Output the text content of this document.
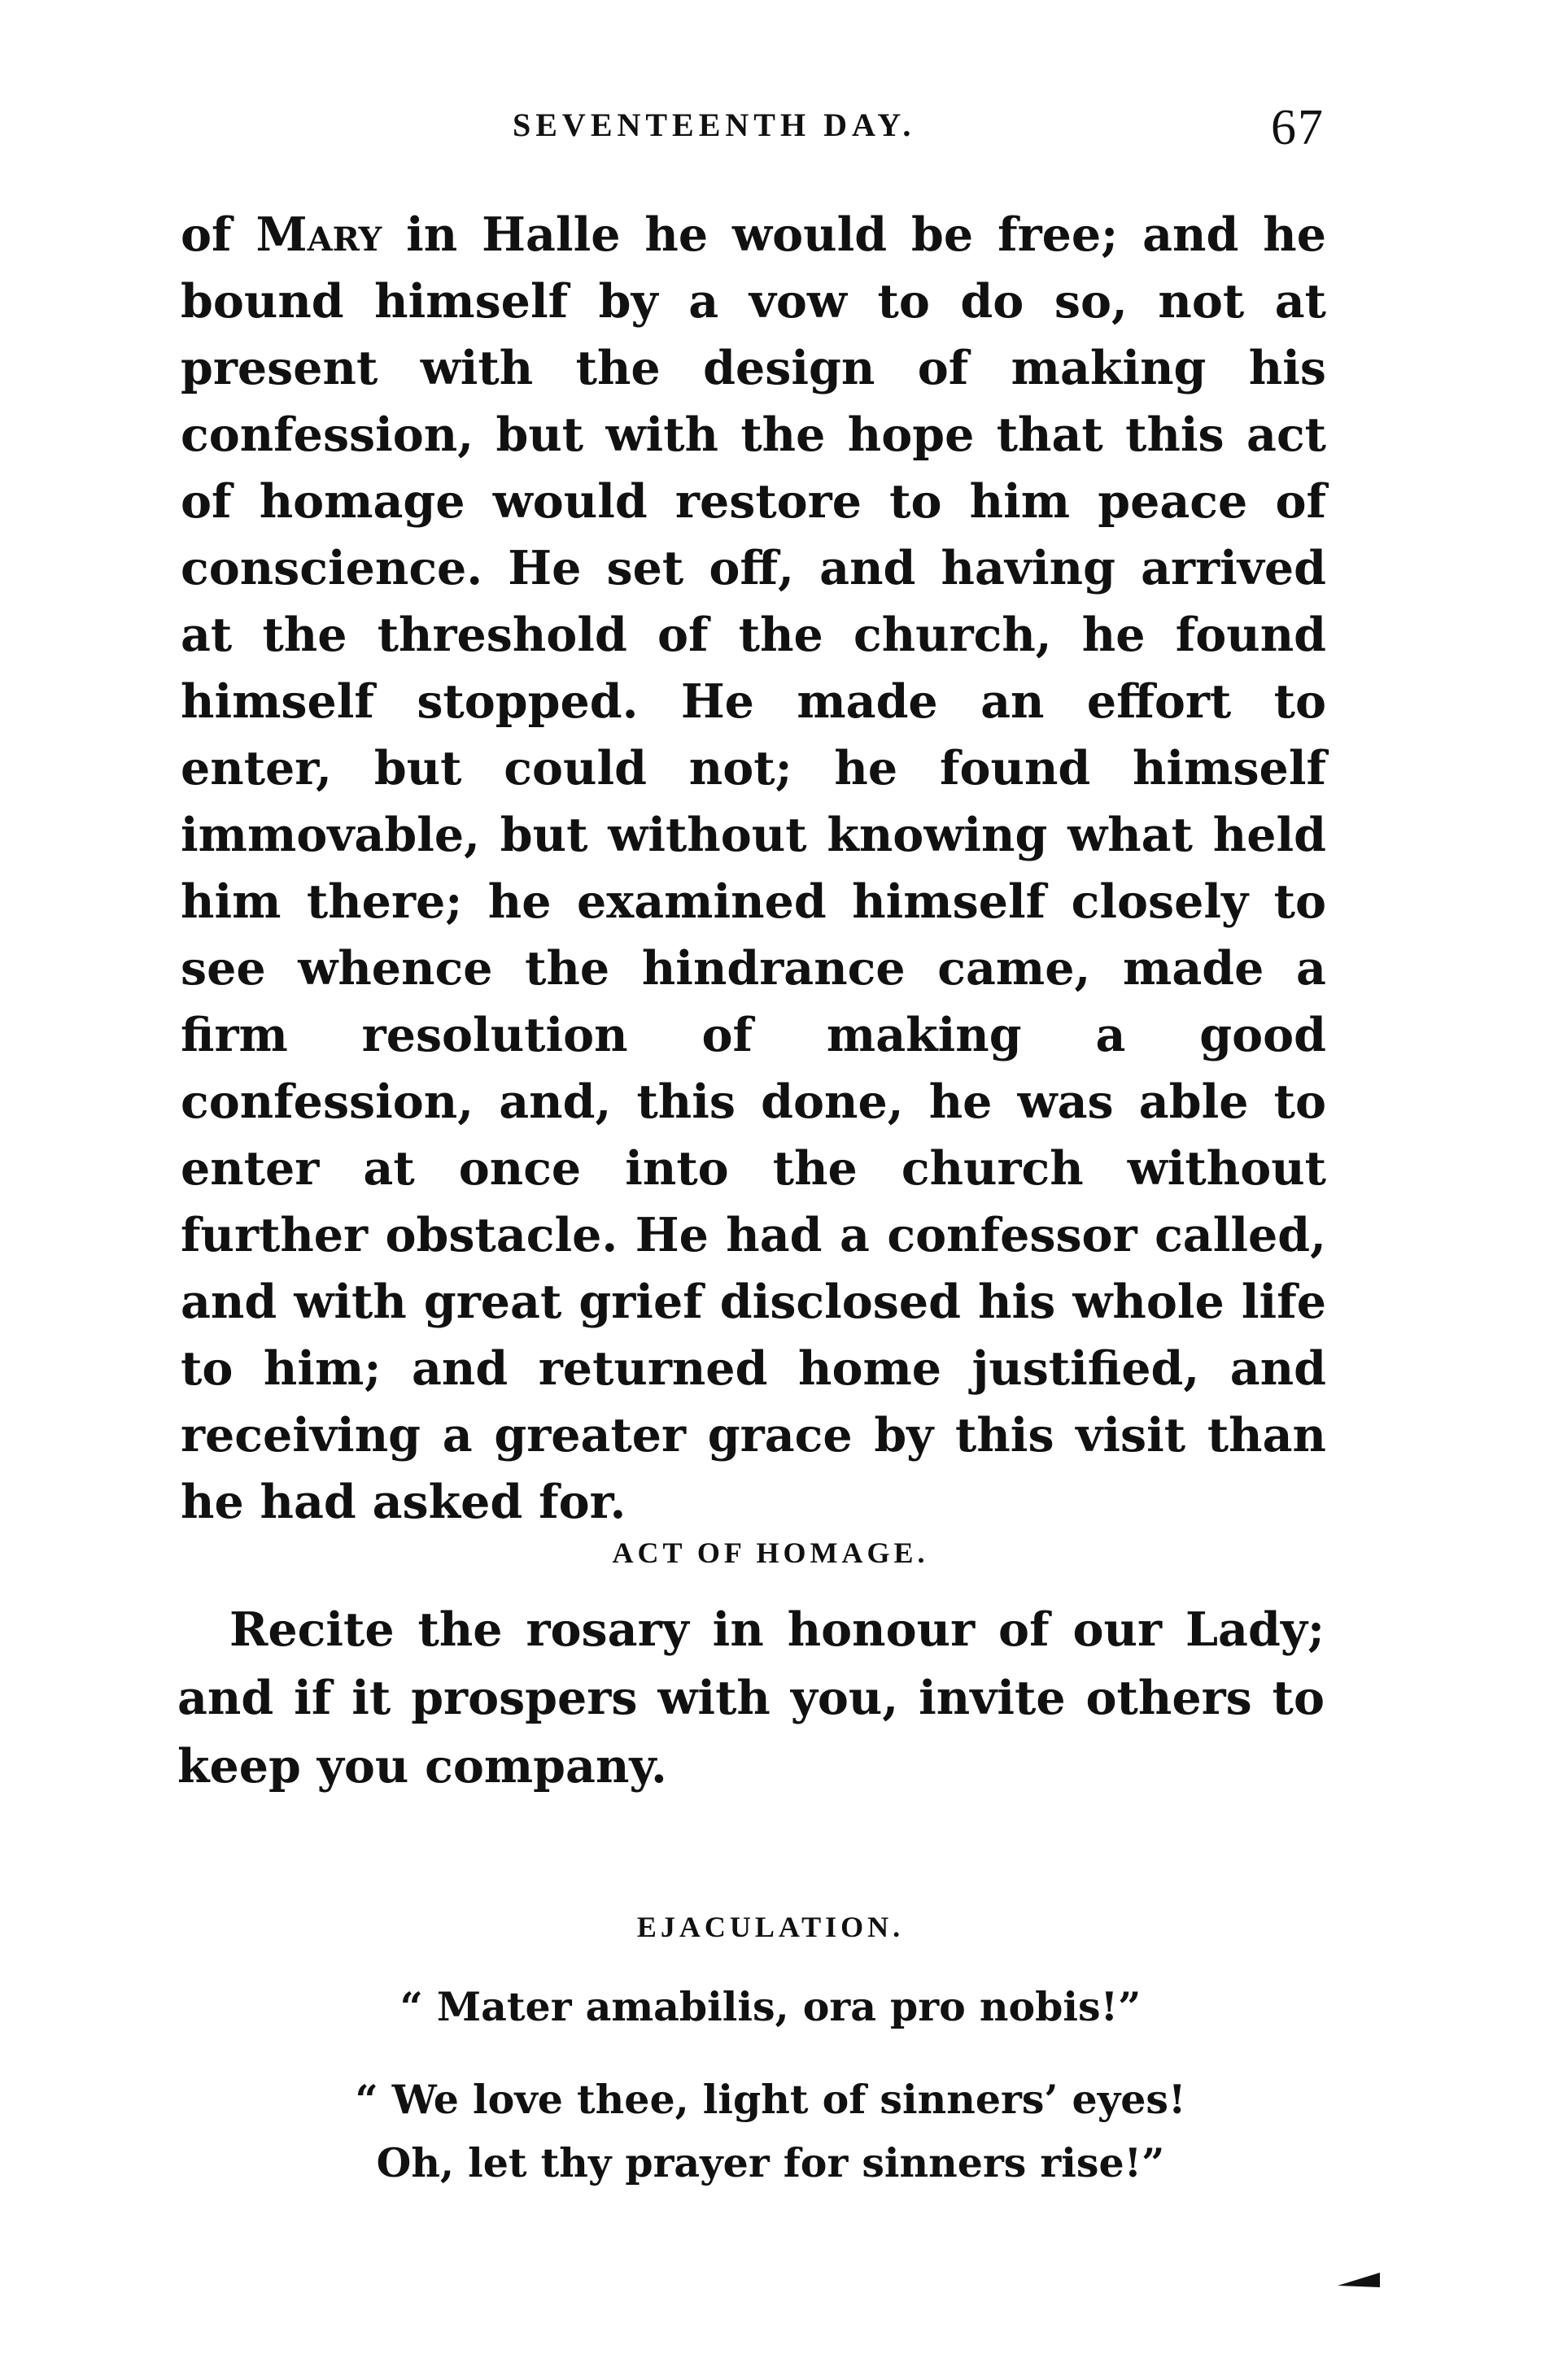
SEVENTEENTH DAY.	67
of Mary in Halle he would be free; and he bound himself by a vow to do so, not at present with the design of making his confession, but with the hope that this act of homage would restore to him peace of conscience. He set off, and having arrived at the threshold of the church, he found himself stopped. He made an effort to enter, but could not; he found himself immovable, but without knowing what held him there; he examined himself closely to see whence the hindrance came, made a firm resolution of making a good confession, and, this done, he was able to enter at once into the church without further obstacle. He had a confessor called, and with great grief disclosed his whole life to him; and returned home justified, and receiving a greater grace by this visit than he had asked for.
ACT OF HOMAGE.
Recite the rosary in honour of our Lady; and if it prospers with you, invite others to keep you company.
EJACULATION.
“ Mater amabilis, ora pro nobis!”
“ We love thee, light of sinners’ eyes!
Oh, let thy prayer for sinners rise!”
